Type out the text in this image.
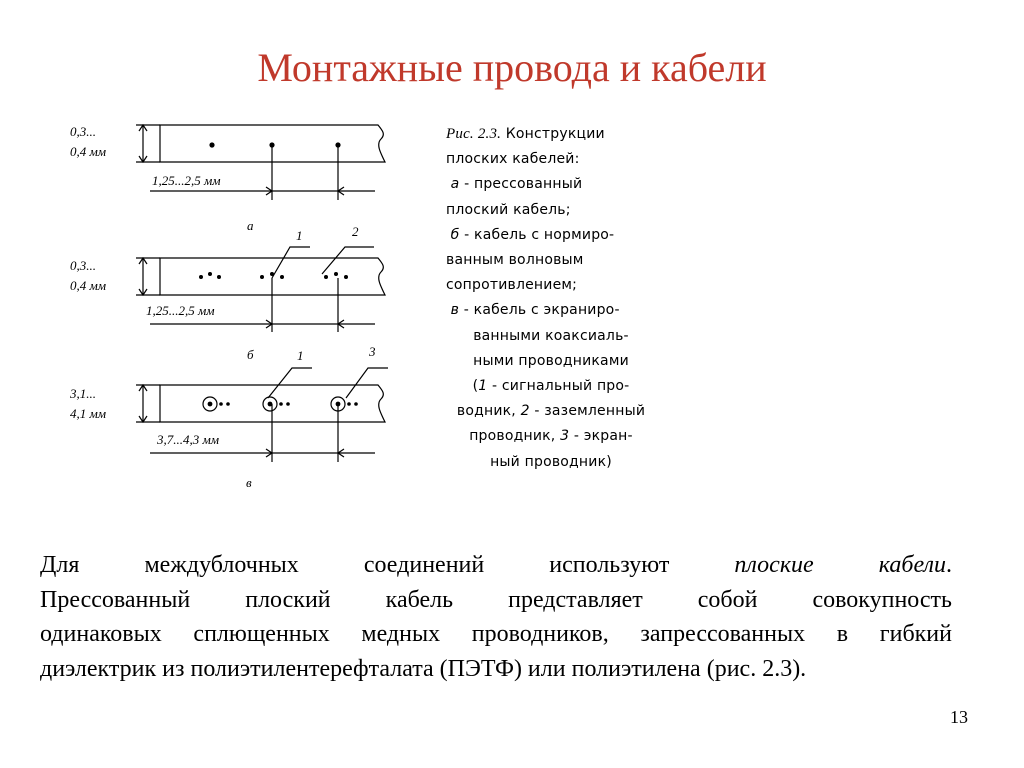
Монтажные провода и кабели
0,3...
0,4 мм
1,25...2,5 мм
а
0,3...
0,4 мм
1,25...2,5 мм
б
1	2
3,1...
4,1 мм
3,7...4,3 мм
в
1	3
Рис. 2.3. Конструкции
плоских кабелей:
а - прессованный
плоский кабель;
б - кабель с нормиро-
ванным волновым
сопротивлением;
в - кабель с экраниро-
ванными коаксиаль-
ными проводниками
(1 - сигнальный про-
водник, 2 - заземленный
проводник, 3 - экран-
ный проводник)
Для междублочных соединений используют плоские кабели.
Прессованный плоский кабель представляет собой совокупность
одинаковых сплющенных медных проводников, запрессованных в гибкий
диэлектрик из полиэтилентерефталата (ПЭТФ) или полиэтилена (рис. 2.3).
13
